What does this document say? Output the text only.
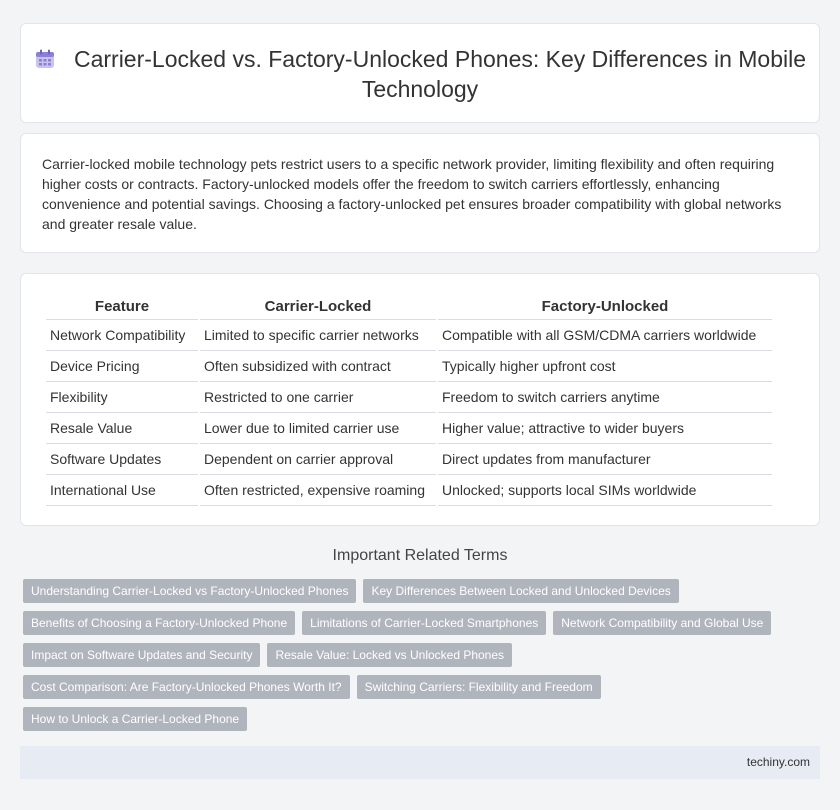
Carrier-Locked vs. Factory-Unlocked Phones: Key Differences in Mobile Technology

Carrier-locked mobile technology pets restrict users to a specific network provider, limiting flexibility and often requiring higher costs or contracts. Factory-unlocked models offer the freedom to switch carriers effortlessly, enhancing convenience and potential savings. Choosing a factory-unlocked pet ensures broader compatibility with global networks and greater resale value.

Feature	Carrier-Locked	Factory-Unlocked
Network Compatibility	Limited to specific carrier networks	Compatible with all GSM/CDMA carriers worldwide
Device Pricing	Often subsidized with contract	Typically higher upfront cost
Flexibility	Restricted to one carrier	Freedom to switch carriers anytime
Resale Value	Lower due to limited carrier use	Higher value; attractive to wider buyers
Software Updates	Dependent on carrier approval	Direct updates from manufacturer
International Use	Often restricted, expensive roaming	Unlocked; supports local SIMs worldwide
Important Related Terms
Understanding Carrier-Locked vs Factory-Unlocked Phones	Key Differences Between Locked and Unlocked Devices
Benefits of Choosing a Factory-Unlocked Phone	Limitations of Carrier-Locked Smartphones	Network Compatibility and Global Use
Impact on Software Updates and Security	Resale Value: Locked vs Unlocked Phones
Cost Comparison: Are Factory-Unlocked Phones Worth It?	Switching Carriers: Flexibility and Freedom
How to Unlock a Carrier-Locked Phone
techiny.com
